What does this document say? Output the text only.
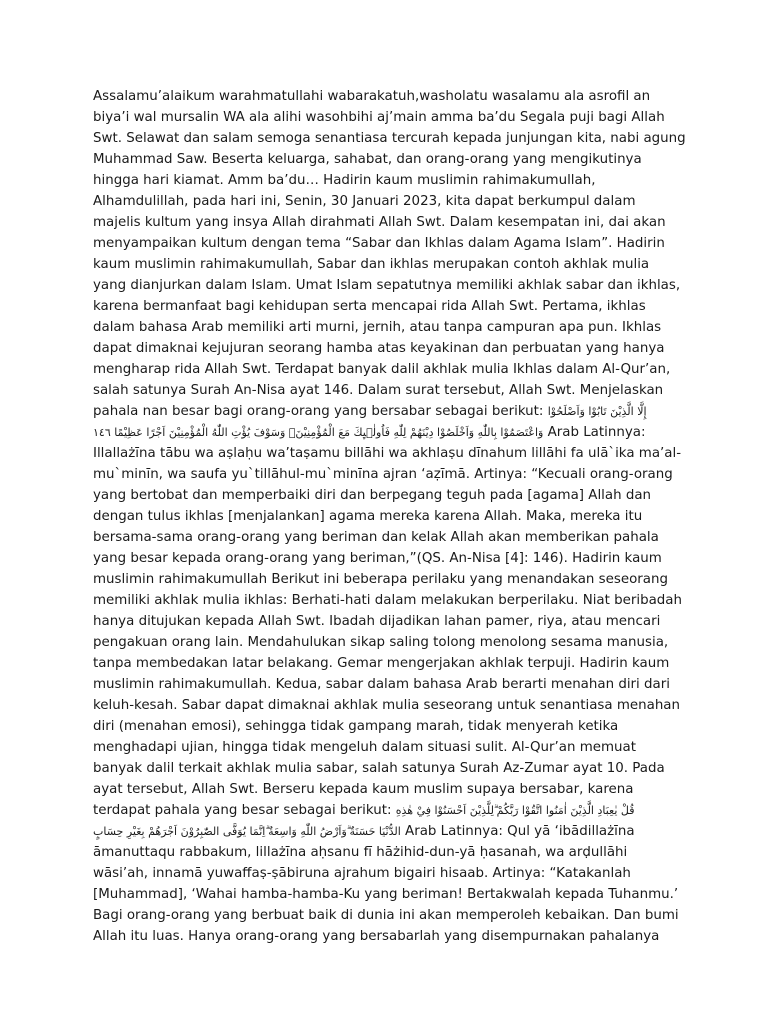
Assalamu’alaikum warahmatullahi wabarakatuh,washolatu wasalamu ala asrofil an
biya’i wal mursalin WA ala alihi wasohbihi aj’main amma ba’du Segala puji bagi Allah
Swt. Selawat dan salam semoga senantiasa tercurah kepada junjungan kita, nabi agung
Muhammad Saw. Beserta keluarga, sahabat, dan orang-orang yang mengikutinya
hingga hari kiamat. Amm ba’du… Hadirin kaum muslimin rahimakumullah,
Alhamdulillah, pada hari ini, Senin, 30 Januari 2023, kita dapat berkumpul dalam
majelis kultum yang insya Allah dirahmati Allah Swt. Dalam kesempatan ini, dai akan
menyampaikan kultum dengan tema “Sabar dan Ikhlas dalam Agama Islam”. Hadirin
kaum muslimin rahimakumullah, Sabar dan ikhlas merupakan contoh akhlak mulia
yang dianjurkan dalam Islam. Umat Islam sepatutnya memiliki akhlak sabar dan ikhlas,
karena bermanfaat bagi kehidupan serta mencapai rida Allah Swt. Pertama, ikhlas
dalam bahasa Arab memiliki arti murni, jernih, atau tanpa campuran apa pun. Ikhlas
dapat dimaknai kejujuran seorang hamba atas keyakinan dan perbuatan yang hanya
mengharap rida Allah Swt. Terdapat banyak dalil akhlak mulia Ikhlas dalam Al-Qur’an,
salah satunya Surah An-Nisa ayat 146. Dalam surat tersebut, Allah Swt. Menjelaskan
pahala nan besar bagi orang-orang yang bersabar sebagai berikut: إِلَّا الَّذِيْنَ تَابُوْا وَاَصْلَحُوْا
وَاعْتَصَمُوْا بِاللّٰهِ وَاَخْلَصُوْا دِيْنَهُمْ لِلّٰهِ فَاُولٰۤىِٕكَ مَعَ الْمُؤْمِنِيْنَۗ وَسَوْفَ يُؤْتِ اللّٰهُ الْمُؤْمِنِيْنَ اَجْرًا عَظِيْمًا ١٤٦ Arab Latinnya:
Illallażīna tābu wa aṣlaḥu wa’taṣamu billāhi wa akhlaṣu dīnahum lillāhi fa ulā`ika ma’al-
mu`minīn, wa saufa yu`tillāhul-mu`minīna ajran ‘aẓīmā. Artinya: “Kecuali orang-orang
yang bertobat dan memperbaiki diri dan berpegang teguh pada [agama] Allah dan
dengan tulus ikhlas [menjalankan] agama mereka karena Allah. Maka, mereka itu
bersama-sama orang-orang yang beriman dan kelak Allah akan memberikan pahala
yang besar kepada orang-orang yang beriman,”(QS. An-Nisa [4]: 146). Hadirin kaum
muslimin rahimakumullah Berikut ini beberapa perilaku yang menandakan seseorang
memiliki akhlak mulia ikhlas: Berhati-hati dalam melakukan berperilaku. Niat beribadah
hanya ditujukan kepada Allah Swt. Ibadah dijadikan lahan pamer, riya, atau mencari
pengakuan orang lain. Mendahulukan sikap saling tolong menolong sesama manusia,
tanpa membedakan latar belakang. Gemar mengerjakan akhlak terpuji. Hadirin kaum
muslimin rahimakumullah. Kedua, sabar dalam bahasa Arab berarti menahan diri dari
keluh-kesah. Sabar dapat dimaknai akhlak mulia seseorang untuk senantiasa menahan
diri (menahan emosi), sehingga tidak gampang marah, tidak menyerah ketika
menghadapi ujian, hingga tidak mengeluh dalam situasi sulit. Al-Qur’an memuat
banyak dalil terkait akhlak mulia sabar, salah satunya Surah Az-Zumar ayat 10. Pada
ayat tersebut, Allah Swt. Berseru kepada kaum muslim supaya bersabar, karena
terdapat pahala yang besar sebagai berikut: قُلْ يٰعِبَادِ الَّذِيْنَ اٰمَنُوا اتَّقُوْا رَبَّكُمْ ۗلِلَّذِيْنَ اَحْسَنُوْا فِيْ هٰذِهِ
الدُّنْيَا حَسَنَةٌ ۗوَاَرْضُ اللّٰهِ وَاسِعَةٌ ۗاِنَّمَا يُوَفَّى الصّٰبِرُوْنَ اَجْرَهُمْ بِغَيْرِ حِسَابٍ Arab Latinnya: Qul yā ‘ibādillażīna
āmanuttaqu rabbakum, lillażīna aḥsanu fī hāżihid-dun-yā ḥasanah, wa arḍullāhi
wāsi’ah, innamā yuwaffaṣ-ṣābiruna ajrahum bigairi hisaab. Artinya: “Katakanlah
[Muhammad], ‘Wahai hamba-hamba-Ku yang beriman! Bertakwalah kepada Tuhanmu.’
Bagi orang-orang yang berbuat baik di dunia ini akan memperoleh kebaikan. Dan bumi
Allah itu luas. Hanya orang-orang yang bersabarlah yang disempurnakan pahalanya
